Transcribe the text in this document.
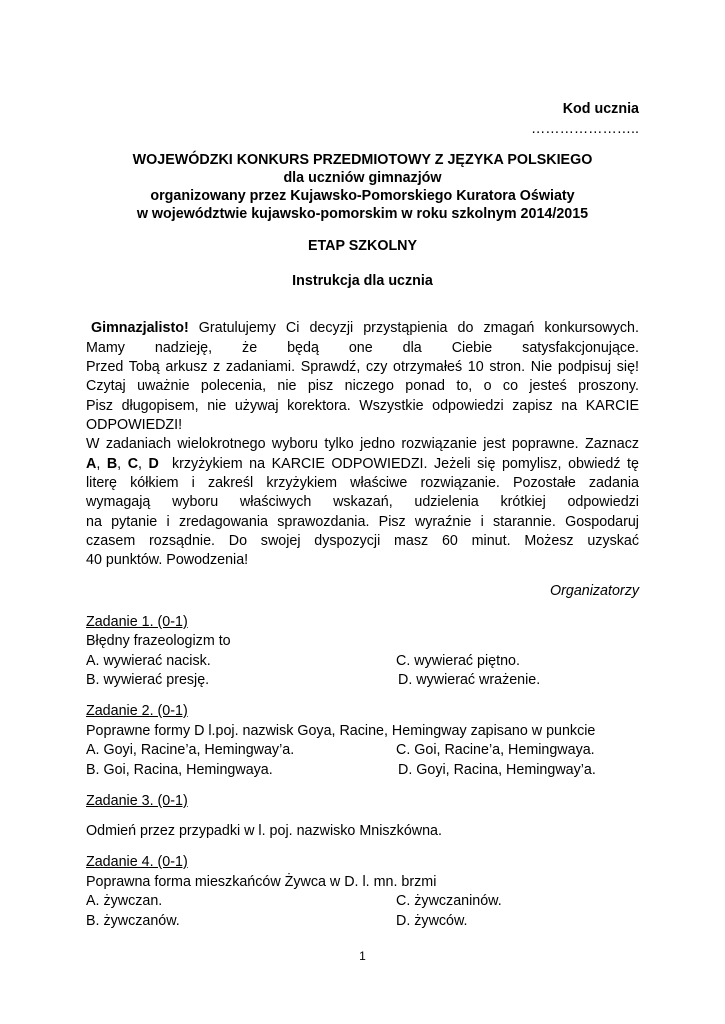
Kod ucznia
…………………..
WOJEWÓDZKI KONKURS PRZEDMIOTOWY Z JĘZYKA POLSKIEGO
dla uczniów gimnazjów
organizowany przez Kujawsko-Pomorskiego Kuratora Oświaty
w województwie kujawsko-pomorskim w roku szkolnym 2014/2015
ETAP SZKOLNY
Instrukcja dla ucznia
Gimnazjalisto! Gratulujemy Ci decyzji przystąpienia do zmagań konkursowych.
Mamy nadzieję, że będą one dla Ciebie satysfakcjonujące.
Przed Tobą arkusz z zadaniami. Sprawdź, czy otrzymałeś 10 stron. Nie podpisuj się!
Czytaj uważnie polecenia, nie pisz niczego ponad to, o co jesteś proszony.
Pisz długopisem, nie używaj korektora. Wszystkie odpowiedzi zapisz na KARCIE
ODPOWIEDZI!
W zadaniach wielokrotnego wyboru tylko jedno rozwiązanie jest poprawne. Zaznacz
A, B, C, D krzyżykiem na KARCIE ODPOWIEDZI. Jeżeli się pomylisz, obwiedź tę
literę kółkiem i zakreśl krzyżykiem właściwe rozwiązanie. Pozostałe zadania
wymagają wyboru właściwych wskazań, udzielenia krótkiej odpowiedzi
na pytanie i zredagowania sprawozdania. Pisz wyraźnie i starannie. Gospodaruj
czasem rozsądnie. Do swojej dyspozycji masz 60 minut. Możesz uzyskać
40 punktów. Powodzenia!
Organizatorzy
Zadanie 1. (0-1)
Błędny frazeologizm to
A. wywierać nacisk.	C. wywierać piętno.
B. wywierać presję.	D. wywierać wrażenie.
Zadanie 2. (0-1)
Poprawne formy D l.poj. nazwisk Goya, Racine, Hemingway zapisano w punkcie
A. Goyi, Racine’a, Hemingway’a.	C. Goi, Racine’a, Hemingwaya.
B. Goi, Racina, Hemingwaya.	D. Goyi, Racina, Hemingway’a.
Zadanie 3. (0-1)
Odmień przez przypadki w l. poj. nazwisko Mniszkówna.
Zadanie 4. (0-1)
Poprawna forma mieszkańców Żywca w D. l. mn. brzmi
A. żywczan.	C. żywczaninów.
B. żywczanów.	D. żywców.
1
